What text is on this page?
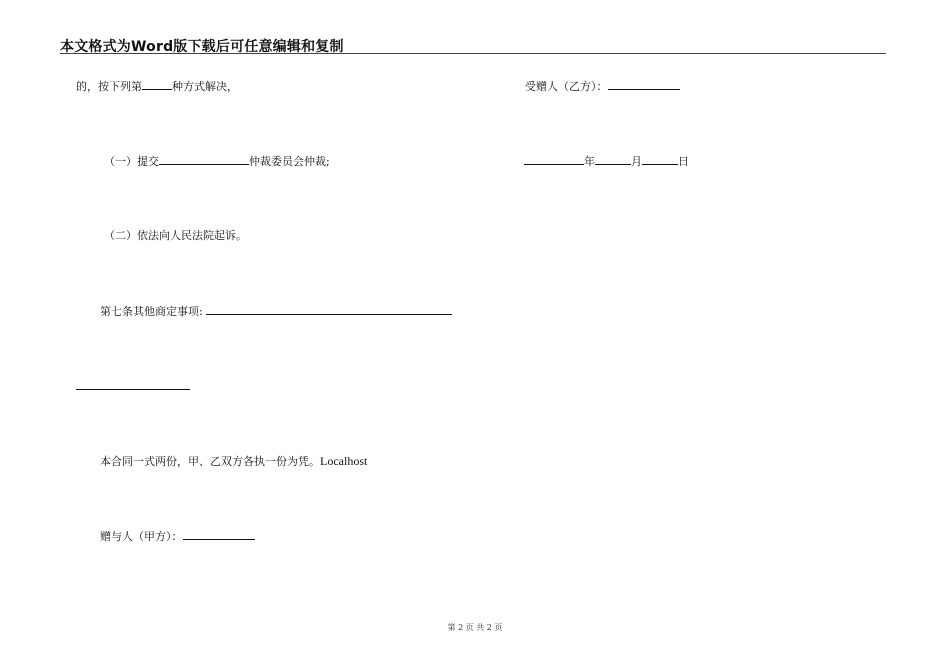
本文格式为Word版下载后可任意编辑和复制
的，按下列第	种方式解决，
（一）提交	仲裁委员会仲裁;
（二）依法向人民法院起诉。
第七条其他商定事项:
本合同一式两份，甲、乙双方各执一份为凭。Localhost
赠与人（甲方）：
受赠人（乙方）：
年	月	日
第 2 页 共 2 页
